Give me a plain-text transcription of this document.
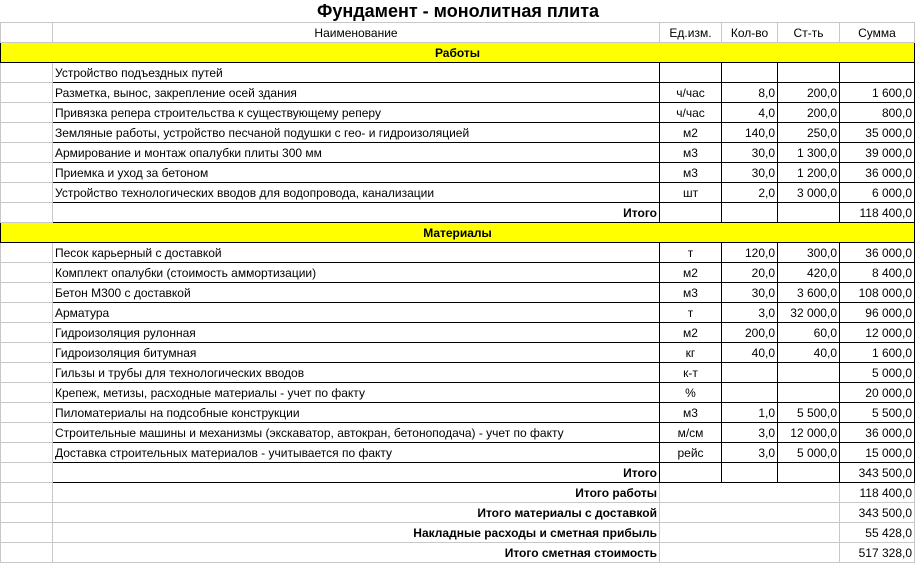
Фундамент - монолитная плита
	Наименование	Ед.изм.	Кол-во	Ст-ть	Сумма
Работы					
	Устройство подъездных путей				
	Разметка, вынос, закрепление осей здания	ч/час	8,0	200,0	1 600,0
	Привязка репера строительства к существующему реперу	ч/час	4,0	200,0	800,0
	Земляные работы, устройство песчаной подушки с гео- и гидроизоляцией	м2	140,0	250,0	35 000,0
	Армирование и монтаж опалубки плиты 300 мм	м3	30,0	1 300,0	39 000,0
	Приемка и уход за бетоном	м3	30,0	1 200,0	36 000,0
	Устройство технологических вводов для водопровода, канализации	шт	2,0	3 000,0	6 000,0
	Итого				118 400,0
Материалы					
	Песок карьерный с доставкой	т	120,0	300,0	36 000,0
	Комплект опалубки (стоимость аммортизации)	м2	20,0	420,0	8 400,0
	Бетон М300 с доставкой	м3	30,0	3 600,0	108 000,0
	Арматура	т	3,0	32 000,0	96 000,0
	Гидроизоляция рулонная	м2	200,0	60,0	12 000,0
	Гидроизоляция битумная	кг	40,0	40,0	1 600,0
	Гильзы и трубы для технологических вводов	к-т			5 000,0
	Крепеж, метизы, расходные материалы - учет по факту	%			20 000,0
	Пиломатериалы на подсобные конструкции	м3	1,0	5 500,0	5 500,0
	Строительные машины и механизмы (экскаватор, автокран, бетоноподача) - учет по факту	м/см	3,0	12 000,0	36 000,0
	Доставка строительных материалов - учитывается по факту	рейс	3,0	5 000,0	15 000,0
	Итого				343 500,0
	Итого работы				118 400,0
	Итого материалы с доставкой				343 500,0
	Накладные расходы и сметная прибыль				55 428,0
	Итого сметная стоимость				517 328,0
